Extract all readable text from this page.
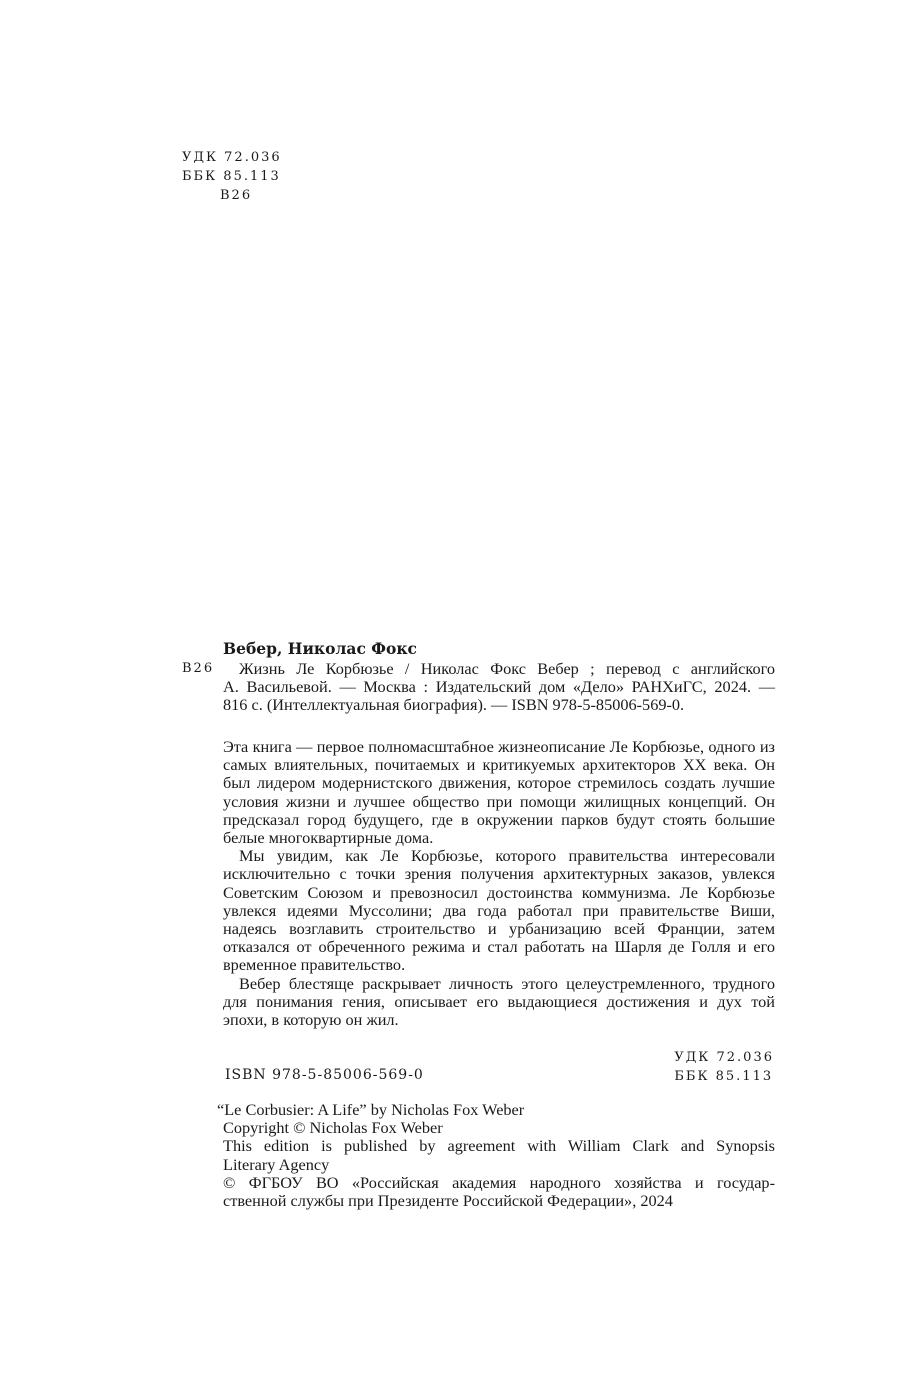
УДК 72.036
ББК 85.113
В26
Вебер, Николас Фокс
В26	Жизнь Ле Корбюзье / Николас Фокс Вебер ; перевод с английского

А. Васильевой. — Москва : Издательский дом «Дело» РАНХиГС, 2024. —

816 с. (Интеллектуальная биография). — ISBN 978-5-85006-569-0.

Эта книга — первое полномасштабное жизнеописание Ле Корбюзье, одного из самых влиятельных, почитаемых и критикуемых архитекторов XX века. Он был лидером модернистского движения, которое стремилось создать лучшие условия жизни и лучшее общество при помощи жилищных концепций. Он предсказал город будущего, где в окружении парков будут стоять большие белые многоквартирные дома.

Мы увидим, как Ле Корбюзье, которого правительства интересовали исключительно с точки зрения получения архитектурных заказов, увлекся Советским Союзом и превозносил достоинства коммунизма. Ле Корбюзье увлекся идеями Муссолини; два года работал при правительстве Виши, надеясь возглавить строительство и урбанизацию всей Франции, затем отказался от обреченного режима и стал работать на Шарля де Голля и его временное правительство.

Вебер блестяще раскрывает личность этого целеустремленного, трудного для понимания гения, описывает его выдающиеся достижения и дух той эпохи, в которую он жил.

УДК 72.036
ББК 85.113
ISBN 978-5-85006-569-0

“Le Corbusier: A Life” by Nicholas Fox Weber

Copyright © Nicholas Fox Weber

This edition is published by agreement with William Clark and Synopsis

Literary Agency

© ФГБОУ ВО «Российская академия народного хозяйства и государ-

ственной службы при Президенте Российской Федерации», 2024
